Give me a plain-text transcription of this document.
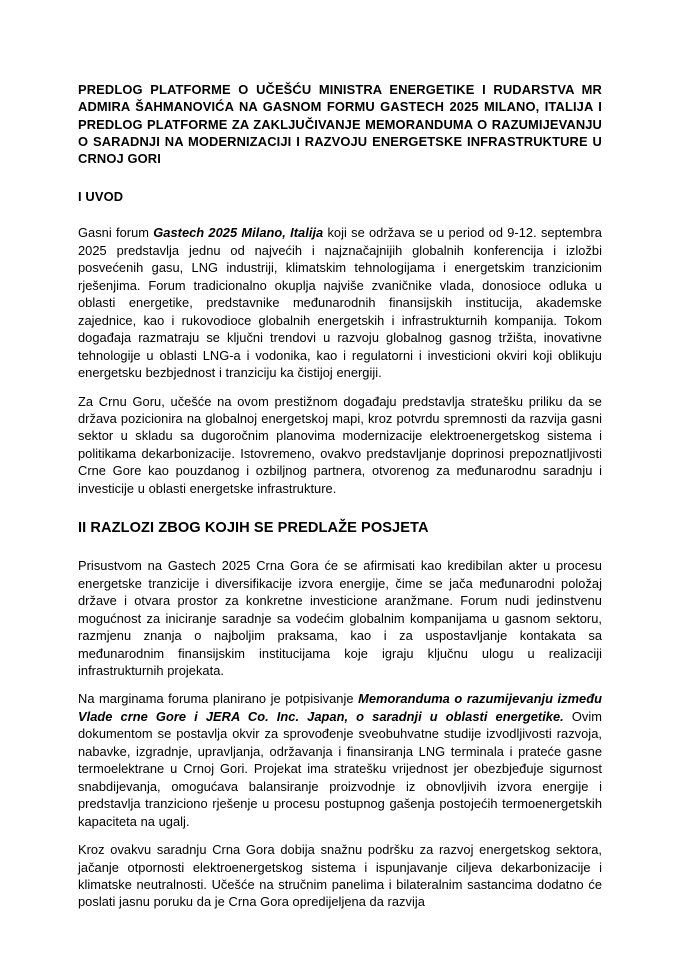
PREDLOG PLATFORME O UČEŠĆU MINISTRA ENERGETIKE I RUDARSTVA MR ADMIRA ŠAHMANOVIĆA NA GASNOM FORMU GASTECH 2025 MILANO, ITALIJA I PREDLOG PLATFORME ZA ZAKLJUČIVANJE MEMORANDUMA O RAZUMIJEVANJU O SARADNJI NA MODERNIZACIJI I RAZVOJU ENERGETSKE INFRASTRUKTURE U CRNOJ GORI
I UVOD

Gasni forum Gastech 2025 Milano, Italija koji se održava se u period od 9-12. septembra 2025 predstavlja jednu od najvećih i najznačajnijih globalnih konferencija i izložbi posvećenih gasu, LNG industriji, klimatskim tehnologijama i energetskim tranzicionim rješenjima. Forum tradicionalno okuplja najviše zvaničnike vlada, donosioce odluka u oblasti energetike, predstavnike međunarodnih finansijskih institucija, akademske zajednice, kao i rukovodioce globalnih energetskih i infrastrukturnih kompanija. Tokom događaja razmatraju se ključni trendovi u razvoju globalnog gasnog tržišta, inovativne tehnologije u oblasti LNG-a i vodonika, kao i regulatorni i investicioni okviri koji oblikuju energetsku bezbjednost i tranziciju ka čistijoj energiji.

Za Crnu Goru, učešće na ovom prestižnom događaju predstavlja stratešku priliku da se država pozicionira na globalnoj energetskoj mapi, kroz potvrdu spremnosti da razvija gasni sektor u skladu sa dugoročnim planovima modernizacije elektroenergetskog sistema i politikama dekarbonizacije. Istovremeno, ovakvo predstavljanje doprinosi prepoznatljivosti Crne Gore kao pouzdanog i ozbiljnog partnera, otvorenog za međunarodnu saradnju i investicije u oblasti energetske infrastrukture.

II RAZLOZI ZBOG KOJIH SE PREDLAŽE POSJETA

Prisustvom na Gastech 2025 Crna Gora će se afirmisati kao kredibilan akter u procesu energetske tranzicije i diversifikacije izvora energije, čime se jača međunarodni položaj države i otvara prostor za konkretne investicione aranžmane. Forum nudi jedinstvenu mogućnost za iniciranje saradnje sa vodećim globalnim kompanijama u gasnom sektoru, razmjenu znanja o najboljim praksama, kao i za uspostavljanje kontakata sa međunarodnim finansijskim institucijama koje igraju ključnu ulogu u realizaciji infrastrukturnih projekata.

Na marginama foruma planirano je potpisivanje Memoranduma o razumijevanju između Vlade crne Gore i JERA Co. Inc. Japan, o saradnji u oblasti energetike. Ovim dokumentom se postavlja okvir za sprovođenje sveobuhvatne studije izvodljivosti razvoja, nabavke, izgradnje, upravljanja, održavanja i finansiranja LNG terminala i prateće gasne termoelektrane u Crnoj Gori. Projekat ima stratešku vrijednost jer obezbjeđuje sigurnost snabdijevanja, omogućava balansiranje proizvodnje iz obnovljivih izvora energije i predstavlja tranziciono rješenje u procesu postupnog gašenja postojećih termoenergetskih kapaciteta na ugalj.

Kroz ovakvu saradnju Crna Gora dobija snažnu podršku za razvoj energetskog sektora, jačanje otpornosti elektroenergetskog sistema i ispunjavanje ciljeva dekarbonizacije i klimatske neutralnosti. Učešće na stručnim panelima i bilateralnim sastancima dodatno će poslati jasnu poruku da je Crna Gora opredijeljena da razvija
